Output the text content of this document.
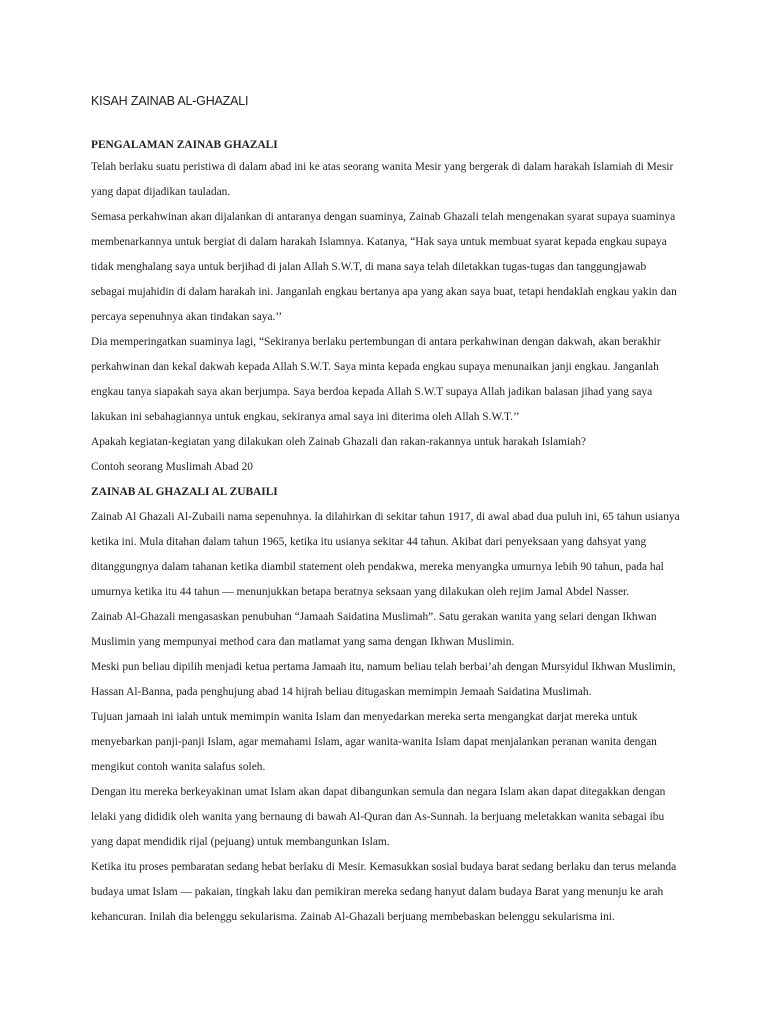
KISAH ZAINAB AL-GHAZALI
PENGALAMAN ZAINAB GHAZALI
Telah berlaku suatu peristiwa di dalam abad ini ke atas seorang wanita Mesir yang bergerak di dalam harakah Islamiah di Mesir
yang dapat dijadikan tauladan.
Semasa perkahwinan akan dijalankan di antaranya dengan suaminya, Zainab Ghazali telah mengenakan syarat supaya suaminya
membenarkannya untuk bergiat di dalam harakah Islamnya. Katanya, “Hak saya untuk membuat syarat kepada engkau supaya
tidak menghalang saya untuk berjihad di jalan Allah S.W.T, di mana saya telah diletakkan tugas-tugas dan tanggungjawab
sebagai mujahidin di dalam harakah ini. Janganlah engkau bertanya apa yang akan saya buat, tetapi hendaklah engkau yakin dan
percaya sepenuhnya akan tindakan saya.’’
Dia memperingatkan suaminya lagi, “Sekiranya berlaku pertembungan di antara perkahwinan dengan dakwah, akan berakhir
perkahwinan dan kekal dakwah kepada Allah S.W.T. Saya minta kepada engkau supaya menunaikan janji engkau. Janganlah
engkau tanya siapakah saya akan berjumpa. Saya berdoa kepada Allah S.W.T supaya Allah jadikan balasan jihad yang saya
lakukan ini sebahagiannya untuk engkau, sekiranya amal saya ini diterima oleh Allah S.W.T.’’
Apakah kegiatan-kegiatan yang dilakukan oleh Zainab Ghazali dan rakan-rakannya untuk harakah Islamiah?
Contoh seorang Muslimah Abad 20
ZAINAB AL GHAZALI AL ZUBAILI
Zainab Al Ghazali Al-Zubaili nama sepenuhnya. la dilahirkan di sekitar tahun 1917, di awal abad dua puluh ini, 65 tahun usianya
ketika ini. Mula ditahan dalam tahun 1965, ketika itu usianya sekitar 44 tahun. Akibat dari penyeksaan yang dahsyat yang
ditanggungnya dalam tahanan ketika diambil statement oleh pendakwa, mereka menyangka umurnya lebih 90 tahun, pada hal
umurnya ketika itu 44 tahun — menunjukkan betapa beratnya seksaan yang dilakukan oleh rejim Jamal Abdel Nasser.
Zainab Al-Ghazali mengasaskan penubuhan “Jamaah Saidatina Muslimah”. Satu gerakan wanita yang selari dengan Ikhwan
Muslimin yang mempunyai method cara dan matlamat yang sama dengan Ikhwan Muslimin.
Meski pun beliau dipilih menjadi ketua pertama Jamaah itu, namum beliau telah berbai’ah dengan Mursyidul Ikhwan Muslimin,
Hassan Al-Banna, pada penghujung abad 14 hijrah beliau ditugaskan memimpin Jemaah Saidatina Muslimah.
Tujuan jamaah ini ialah untuk memimpin wanita Islam dan menyedarkan mereka serta mengangkat darjat mereka untuk
menyebarkan panji-panji Islam, agar memahami Islam, agar wanita-wanita Islam dapat menjalankan peranan wanita dengan
mengikut contoh wanita salafus soleh.
Dengan itu mereka berkeyakinan umat Islam akan dapat dibangunkan semula dan negara Islam akan dapat ditegakkan dengan
lelaki yang dididik oleh wanita yang bernaung di bawah Al-Quran dan As-Sunnah. la berjuang meletakkan wanita sebagai ibu
yang dapat mendidik rijal (pejuang) untuk membangunkan Islam.
Ketika itu proses pembaratan sedang hebat berlaku di Mesir. Kemasukkan sosial budaya barat sedang berlaku dan terus melanda
budaya umat Islam — pakaian, tingkah laku dan pemikiran mereka sedang hanyut dalam budaya Barat yang menunju ke arah
kehancuran. Inilah dia belenggu sekularisma. Zainab Al-Ghazali berjuang membebaskan belenggu sekularisma ini.
